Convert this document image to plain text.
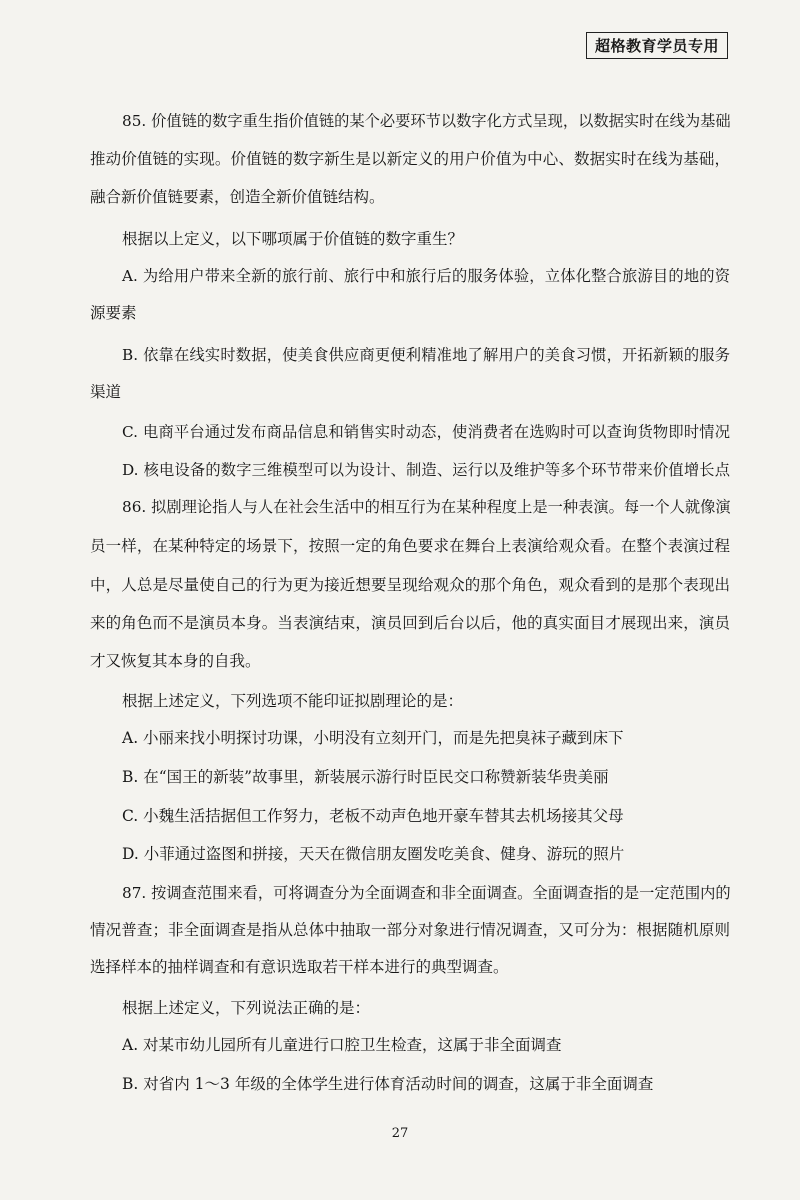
超格教育学员专用
85. 价值链的数字重生指价值链的某个必要环节以数字化方式呈现，以数据实时在线为基础
推动价值链的实现。价值链的数字新生是以新定义的用户价值为中心、数据实时在线为基础，
融合新价值链要素，创造全新价值链结构。
根据以上定义，以下哪项属于价值链的数字重生？
A. 为给用户带来全新的旅行前、旅行中和旅行后的服务体验，立体化整合旅游目的地的资
源要素
B. 依靠在线实时数据，使美食供应商更便利精准地了解用户的美食习惯，开拓新颖的服务
渠道
C. 电商平台通过发布商品信息和销售实时动态，使消费者在选购时可以查询货物即时情况
D. 核电设备的数字三维模型可以为设计、制造、运行以及维护等多个环节带来价值增长点
86. 拟剧理论指人与人在社会生活中的相互行为在某种程度上是一种表演。每一个人就像演
员一样，在某种特定的场景下，按照一定的角色要求在舞台上表演给观众看。在整个表演过程
中，人总是尽量使自己的行为更为接近想要呈现给观众的那个角色，观众看到的是那个表现出
来的角色而不是演员本身。当表演结束，演员回到后台以后，他的真实面目才展现出来，演员
才又恢复其本身的自我。
根据上述定义，下列选项不能印证拟剧理论的是：
A. 小丽来找小明探讨功课，小明没有立刻开门，而是先把臭袜子藏到床下
B. 在“国王的新装”故事里，新装展示游行时臣民交口称赞新装华贵美丽
C. 小魏生活拮据但工作努力，老板不动声色地开豪车替其去机场接其父母
D. 小菲通过盗图和拼接，天天在微信朋友圈发吃美食、健身、游玩的照片
87. 按调查范围来看，可将调查分为全面调查和非全面调查。全面调查指的是一定范围内的
情况普查；非全面调查是指从总体中抽取一部分对象进行情况调查，又可分为：根据随机原则
选择样本的抽样调查和有意识选取若干样本进行的典型调查。
根据上述定义，下列说法正确的是：
A. 对某市幼儿园所有儿童进行口腔卫生检查，这属于非全面调查
B. 对省内 1～3 年级的全体学生进行体育活动时间的调查，这属于非全面调查
27
